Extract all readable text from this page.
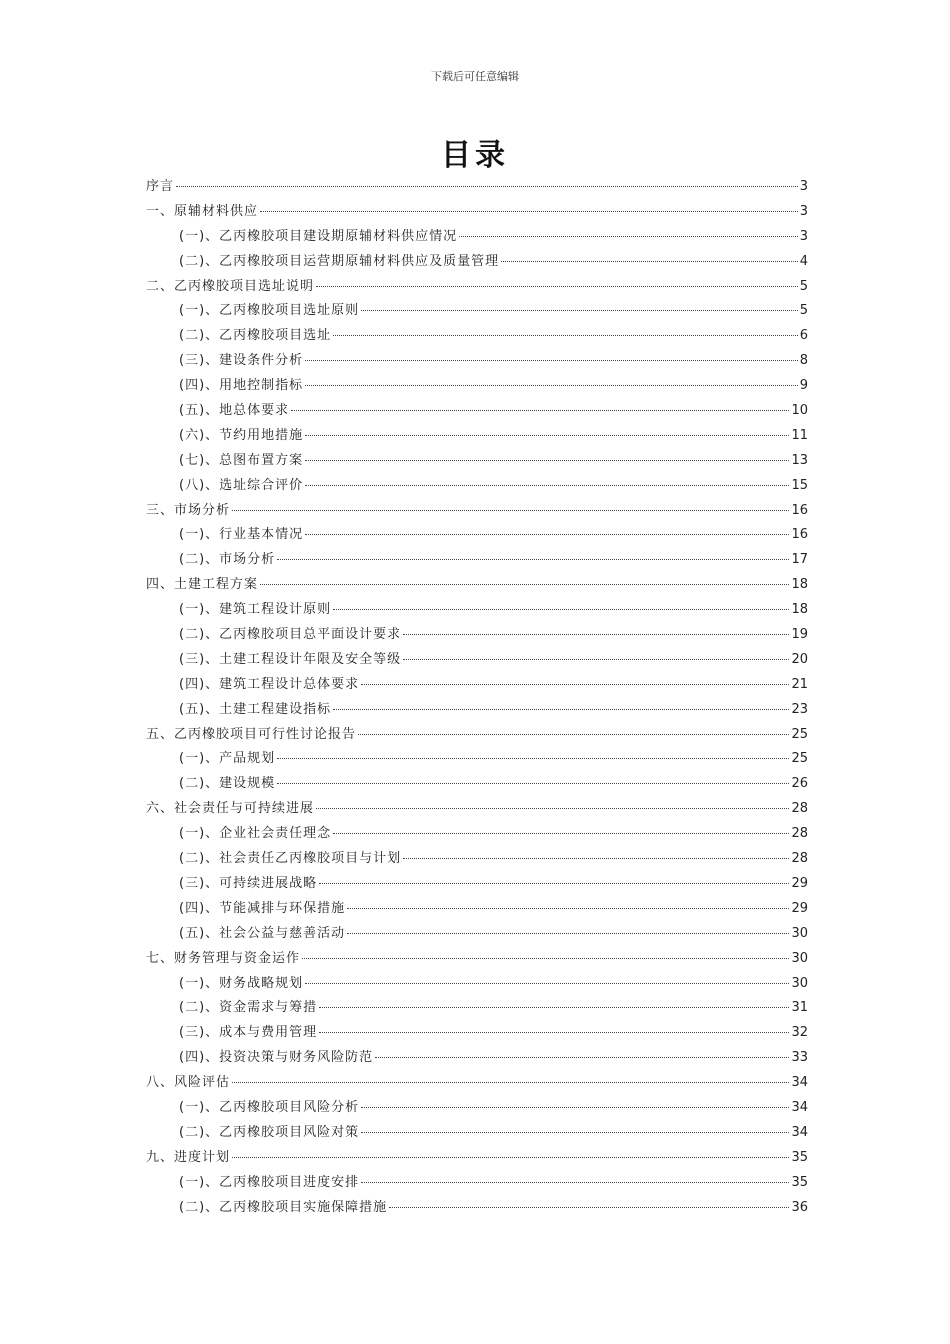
下载后可任意编辑
目录
序言	3
一、原辅材料供应	3
(一)、乙丙橡胶项目建设期原辅材料供应情况	3
(二)、乙丙橡胶项目运营期原辅材料供应及质量管理	4
二、乙丙橡胶项目选址说明	5
(一)、乙丙橡胶项目选址原则	5
(二)、乙丙橡胶项目选址	6
(三)、建设条件分析	8
(四)、用地控制指标	9
(五)、地总体要求	10
(六)、节约用地措施	11
(七)、总图布置方案	13
(八)、选址综合评价	15
三、市场分析	16
(一)、行业基本情况	16
(二)、市场分析	17
四、土建工程方案	18
(一)、建筑工程设计原则	18
(二)、乙丙橡胶项目总平面设计要求	19
(三)、土建工程设计年限及安全等级	20
(四)、建筑工程设计总体要求	21
(五)、土建工程建设指标	23
五、乙丙橡胶项目可行性讨论报告	25
(一)、产品规划	25
(二)、建设规模	26
六、社会责任与可持续进展	28
(一)、企业社会责任理念	28
(二)、社会责任乙丙橡胶项目与计划	28
(三)、可持续进展战略	29
(四)、节能减排与环保措施	29
(五)、社会公益与慈善活动	30
七、财务管理与资金运作	30
(一)、财务战略规划	30
(二)、资金需求与筹措	31
(三)、成本与费用管理	32
(四)、投资决策与财务风险防范	33
八、风险评估	34
(一)、乙丙橡胶项目风险分析	34
(二)、乙丙橡胶项目风险对策	34
九、进度计划	35
(一)、乙丙橡胶项目进度安排	35
(二)、乙丙橡胶项目实施保障措施	36
